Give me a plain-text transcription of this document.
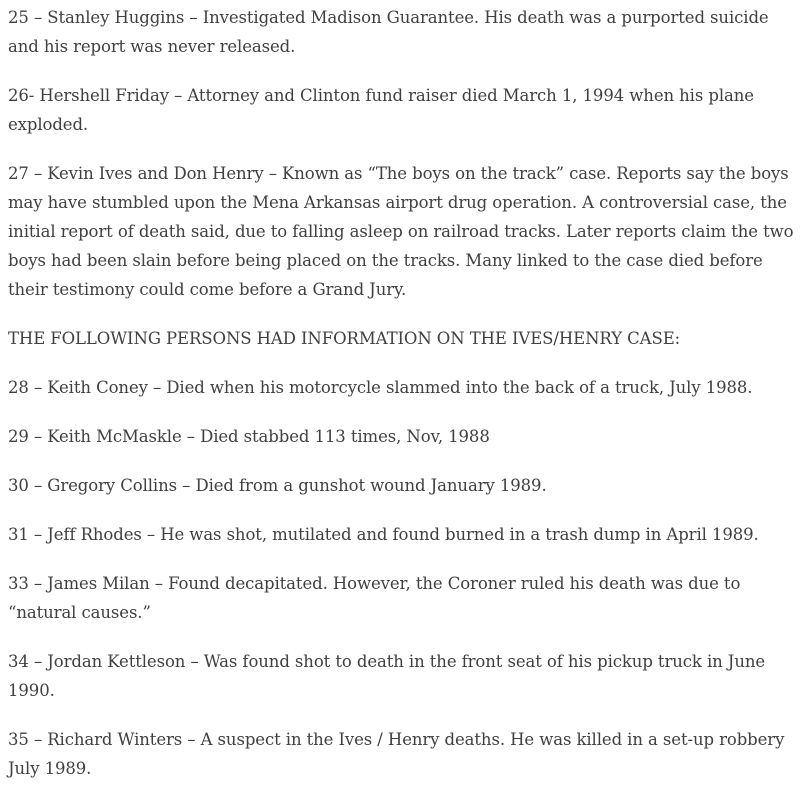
25 – Stanley Huggins – Investigated Madison Guarantee. His death was a purported suicide and his report was never released.

26- Hershell Friday – Attorney and Clinton fund raiser died March 1, 1994 when his plane exploded.

27 – Kevin Ives and Don Henry – Known as “The boys on the track” case. Reports say the boys may have stumbled upon the Mena Arkansas airport drug operation. A controversial case, the initial report of death said, due to falling asleep on railroad tracks. Later reports claim the two boys had been slain before being placed on the tracks. Many linked to the case died before their testimony could come before a Grand Jury.

THE FOLLOWING PERSONS HAD INFORMATION ON THE IVES/HENRY CASE:

28 – Keith Coney – Died when his motorcycle slammed into the back of a truck, July 1988.

29 – Keith McMaskle – Died stabbed 113 times, Nov, 1988

30 – Gregory Collins – Died from a gunshot wound January 1989.

31 – Jeff Rhodes – He was shot, mutilated and found burned in a trash dump in April 1989.

33 – James Milan – Found decapitated. However, the Coroner ruled his death was due to “natural causes.”

34 – Jordan Kettleson – Was found shot to death in the front seat of his pickup truck in June 1990.

35 – Richard Winters – A suspect in the Ives / Henry deaths. He was killed in a set-up robbery July 1989.
